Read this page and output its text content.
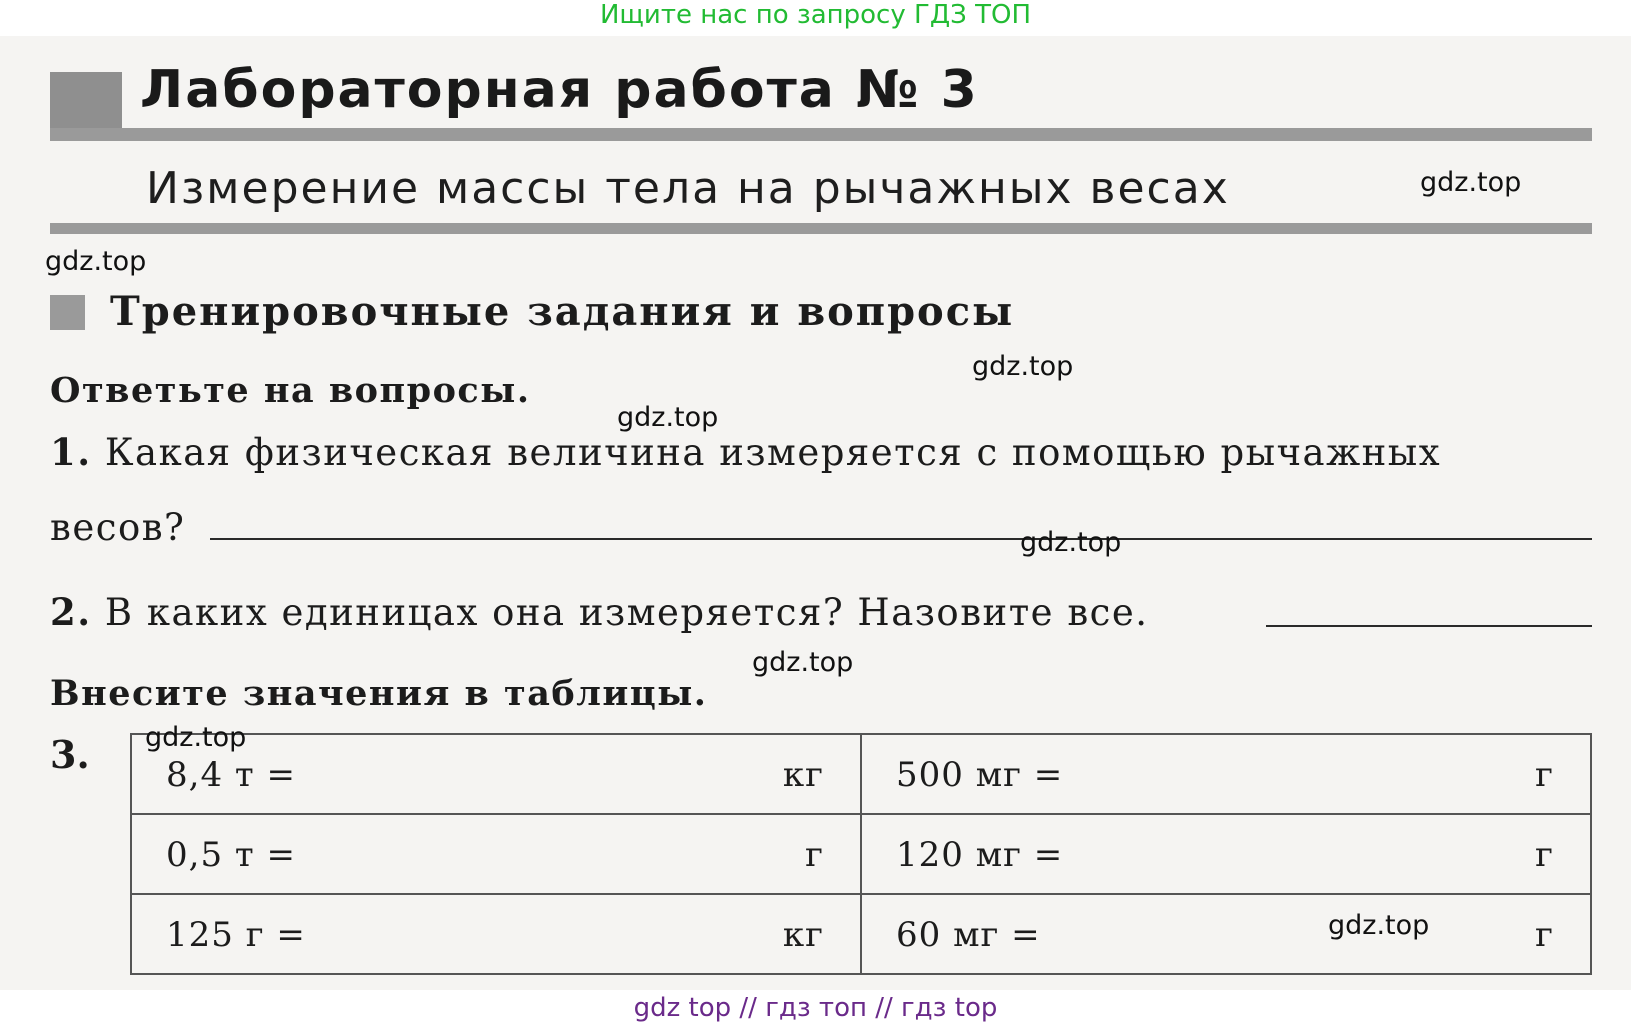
Ищите нас по запросу ГДЗ ТОП
Лабораторная работа № 3
Измерение массы тела на рычажных весах
Тренировочные задания и вопросы
Ответьте на вопросы.
1. Какая физическая величина измеряется с помощью рычажных
весов?
2. В каких единицах она измеряется? Назовите все.
Внесите значения в таблицы.
3. 8,4 т = кг	500 мг = г

0,5 т = г	120 мг = г

125 г = кг	60 мг = г
gdz.top
gdz.top
gdz.top
gdz.top
gdz.top
gdz.top
gdz.top
gdz.top
gdz top // гдз топ // гдз top
